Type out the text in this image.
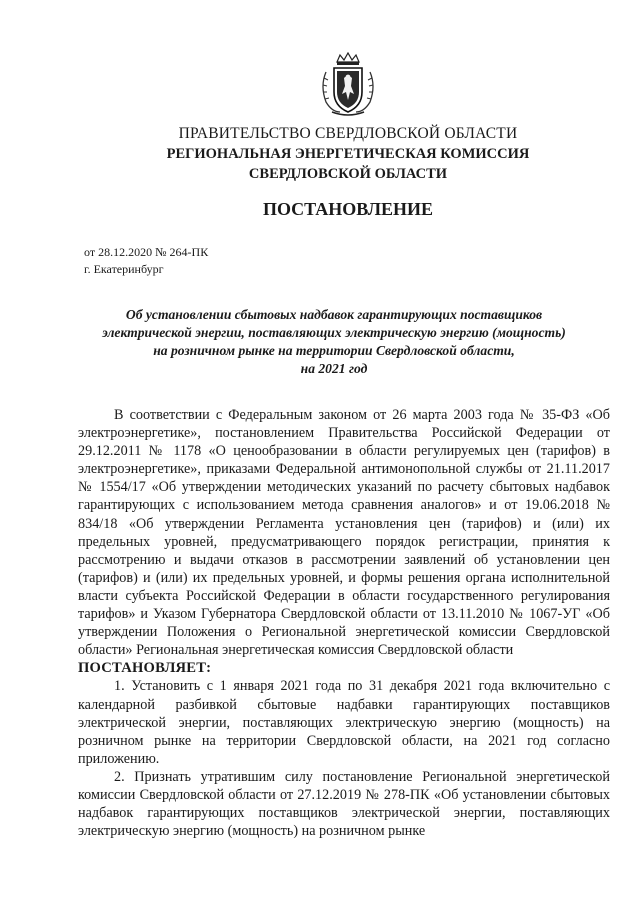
ПРАВИТЕЛЬСТВО СВЕРДЛОВСКОЙ ОБЛАСТИ
РЕГИОНАЛЬНАЯ ЭНЕРГЕТИЧЕСКАЯ КОМИССИЯ
СВЕРДЛОВСКОЙ ОБЛАСТИ
ПОСТАНОВЛЕНИЕ
от 28.12.2020 № 264-ПК
г. Екатеринбург
Об установлении сбытовых надбавок гарантирующих поставщиков
электрической энергии, поставляющих электрическую энергию (мощность)
на розничном рынке на территории Свердловской области,
на 2021 год

В соответствии с Федеральным законом от 26 марта 2003 года № 35-ФЗ «Об электроэнергетике», постановлением Правительства Российской Федерации от 29.12.2011 № 1178 «О ценообразовании в области регулируемых цен (тарифов) в электроэнергетике», приказами Федеральной антимонопольной службы от 21.11.2017 № 1554/17 «Об утверждении методических указаний по расчету сбытовых надбавок гарантирующих с использованием метода сравнения аналогов» и от 19.06.2018 № 834/18 «Об утверждении Регламента установления цен (тарифов) и (или) их предельных уровней, предусматривающего порядок регистрации, принятия к рассмотрению и выдачи отказов в рассмотрении заявлений об установлении цен (тарифов) и (или) их предельных уровней, и формы решения органа исполнительной власти субъекта Российской Федерации в области государственного регулирования тарифов» и Указом Губернатора Свердловской области от 13.11.2010 № 1067-УГ «Об утверждении Положения о Региональной энергетической комиссии Свердловской области» Региональная энергетическая комиссия Свердловской области

ПОСТАНОВЛЯЕТ:

1. Установить с 1 января 2021 года по 31 декабря 2021 года включительно с календарной разбивкой сбытовые надбавки гарантирующих поставщиков электрической энергии, поставляющих электрическую энергию (мощность) на розничном рынке на территории Свердловской области, на 2021 год согласно приложению.

2. Признать утратившим силу постановление Региональной энергетической комиссии Свердловской области от 27.12.2019 № 278-ПК «Об установлении сбытовых надбавок гарантирующих поставщиков электрической энергии, поставляющих электрическую энергию (мощность) на розничном рынке
